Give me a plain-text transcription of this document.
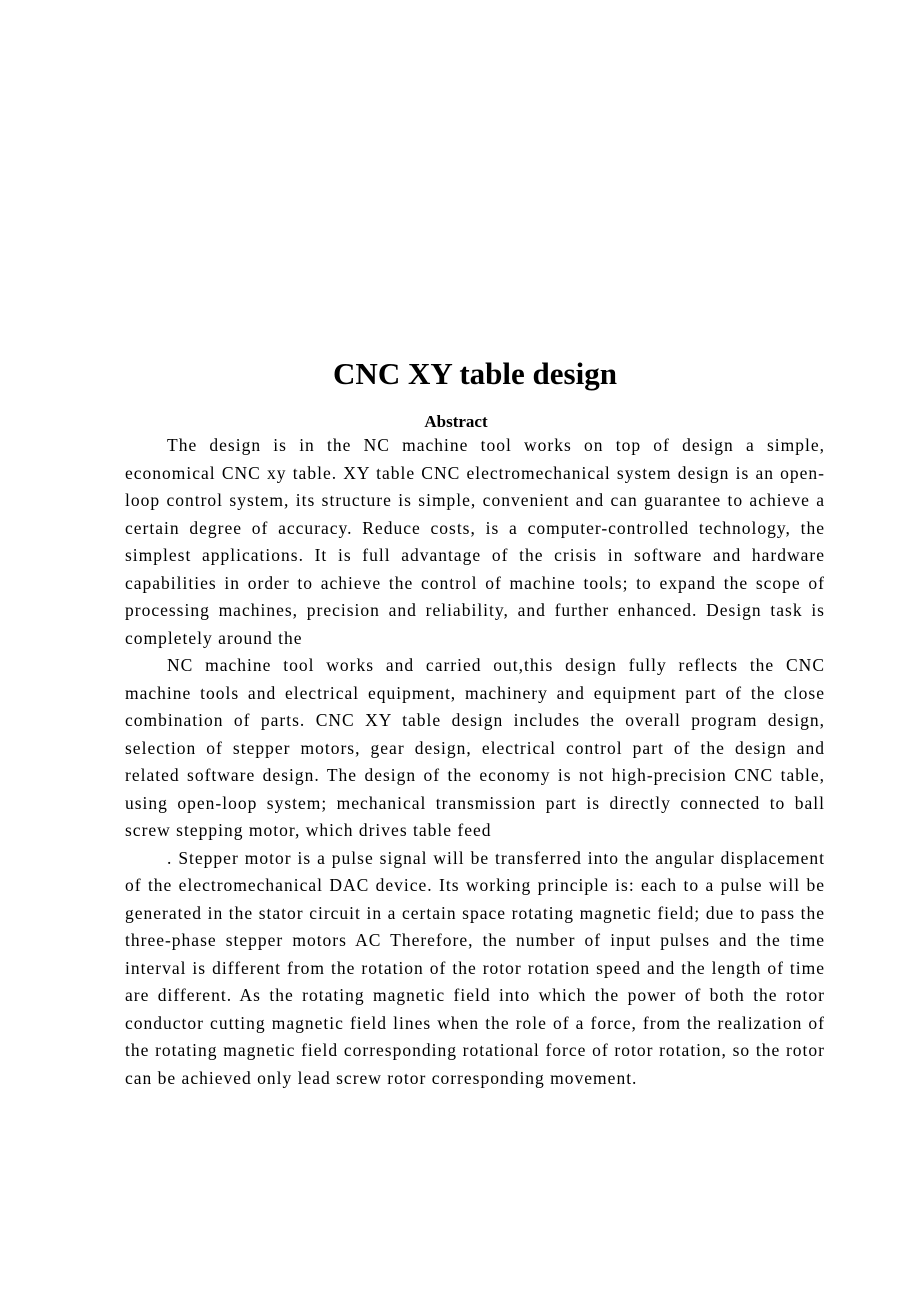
CNC XY table design
Abstract

The design is in the NC machine tool works on top of design a simple, economical CNC xy table. XY table CNC electromechanical system design is an open-loop control system, its structure is simple, convenient and can guarantee to achieve a certain degree of accuracy. Reduce costs, is a computer-controlled technology, the simplest applications. It is full advantage of the crisis in software and hardware capabilities in order to achieve the control of machine tools; to expand the scope of processing machines, precision and reliability, and further enhanced. Design task is completely around the

NC machine tool works and carried out,this design fully reflects the CNC machine tools and electrical equipment, machinery and equipment part of the close combination of parts. CNC XY table design includes the overall program design, selection of stepper motors, gear design, electrical control part of the design and related software design. The design of the economy is not high-precision CNC table, using open-loop system; mechanical transmission part is directly connected to ball screw stepping motor, which drives table feed

. Stepper motor is a pulse signal will be transferred into the angular displacement of the electromechanical DAC device. Its working principle is: each to a pulse will be generated in the stator circuit in a certain space rotating magnetic field; due to pass the three-phase stepper motors AC Therefore, the number of input pulses and the time interval is different from the rotation of the rotor rotation speed and the length of time are different. As the rotating magnetic field into which the power of both the rotor conductor cutting magnetic field lines when the role of a force, from the realization of the rotating magnetic field corresponding rotational force of rotor rotation, so the rotor can be achieved only lead screw rotor corresponding movement.
